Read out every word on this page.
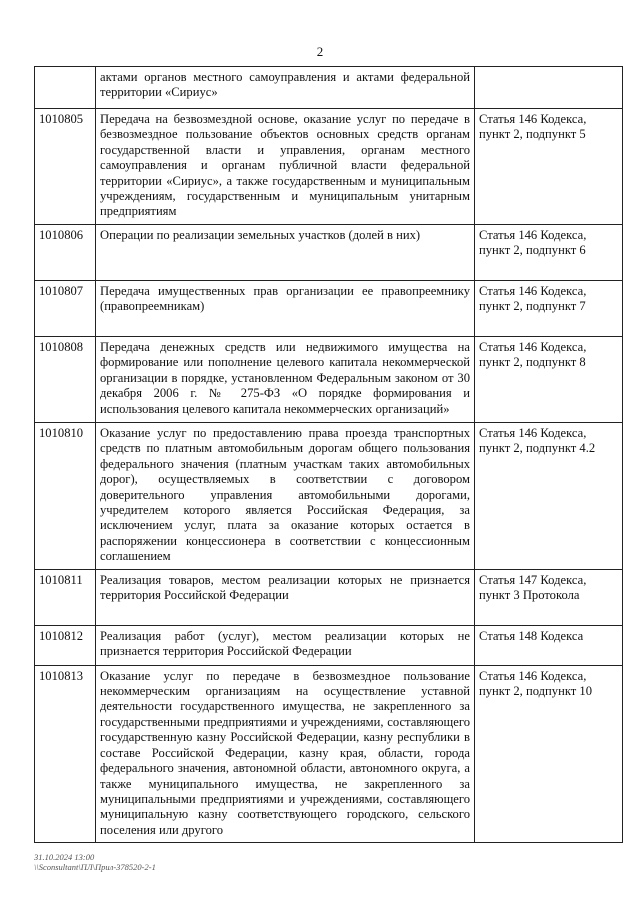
2
	актами органов местного самоуправления и актами федеральной территории «Сириус»	
1010805	Передача на безвозмездной основе, оказание услуг по передаче в безвозмездное пользование объектов основных средств органам государственной власти и управления, органам местного самоуправления и органам публичной власти федеральной территории «Сириус», а также государственным и муниципальным учреждениям, государственным и муниципальным унитарным предприятиям	Статья 146 Кодекса, пункт 2, подпункт 5
1010806	Операции по реализации земельных участков (долей в них)	Статья 146 Кодекса, пункт 2, подпункт 6
1010807	Передача имущественных прав организации ее правопреемнику (правопреемникам)	Статья 146 Кодекса, пункт 2, подпункт 7
1010808	Передача денежных средств или недвижимого имущества на формирование или пополнение целевого капитала некоммерческой организации в порядке, установленном Федеральным законом от 30 декабря 2006 г. № 275-ФЗ «О порядке формирования и использования целевого капитала некоммерческих организаций»	Статья 146 Кодекса, пункт 2, подпункт 8
1010810	Оказание услуг по предоставлению права проезда транспортных средств по платным автомобильным дорогам общего пользования федерального значения (платным участкам таких автомобильных дорог), осуществляемых в соответствии с договором доверительного управления автомобильными дорогами, учредителем которого является Российская Федерация, за исключением услуг, плата за оказание которых остается в распоряжении концессионера в соответствии с концессионным соглашением	Статья 146 Кодекса, пункт 2, подпункт 4.2
1010811	Реализация товаров, местом реализации которых не признается территория Российской Федерации	Статья 147 Кодекса, пункт 3 Протокола
1010812	Реализация работ (услуг), местом реализации которых не признается территория Российской Федерации	Статья 148 Кодекса
1010813	Оказание услуг по передаче в безвозмездное пользование некоммерческим организациям на осуществление уставной деятельности государственного имущества, не закрепленного за государственными предприятиями и учреждениями, составляющего государственную казну Российской Федерации, казну республики в составе Российской Федерации, казну края, области, города федерального значения, автономной области, автономного округа, а также муниципального имущества, не закрепленного за муниципальными предприятиями и учреждениями, составляющего муниципальную казну соответствующего городского, сельского поселения или другого	Статья 146 Кодекса, пункт 2, подпункт 10
31.10.2024 13:00
\\Sconsultant\ПЛ\Прил-378520-2-1
